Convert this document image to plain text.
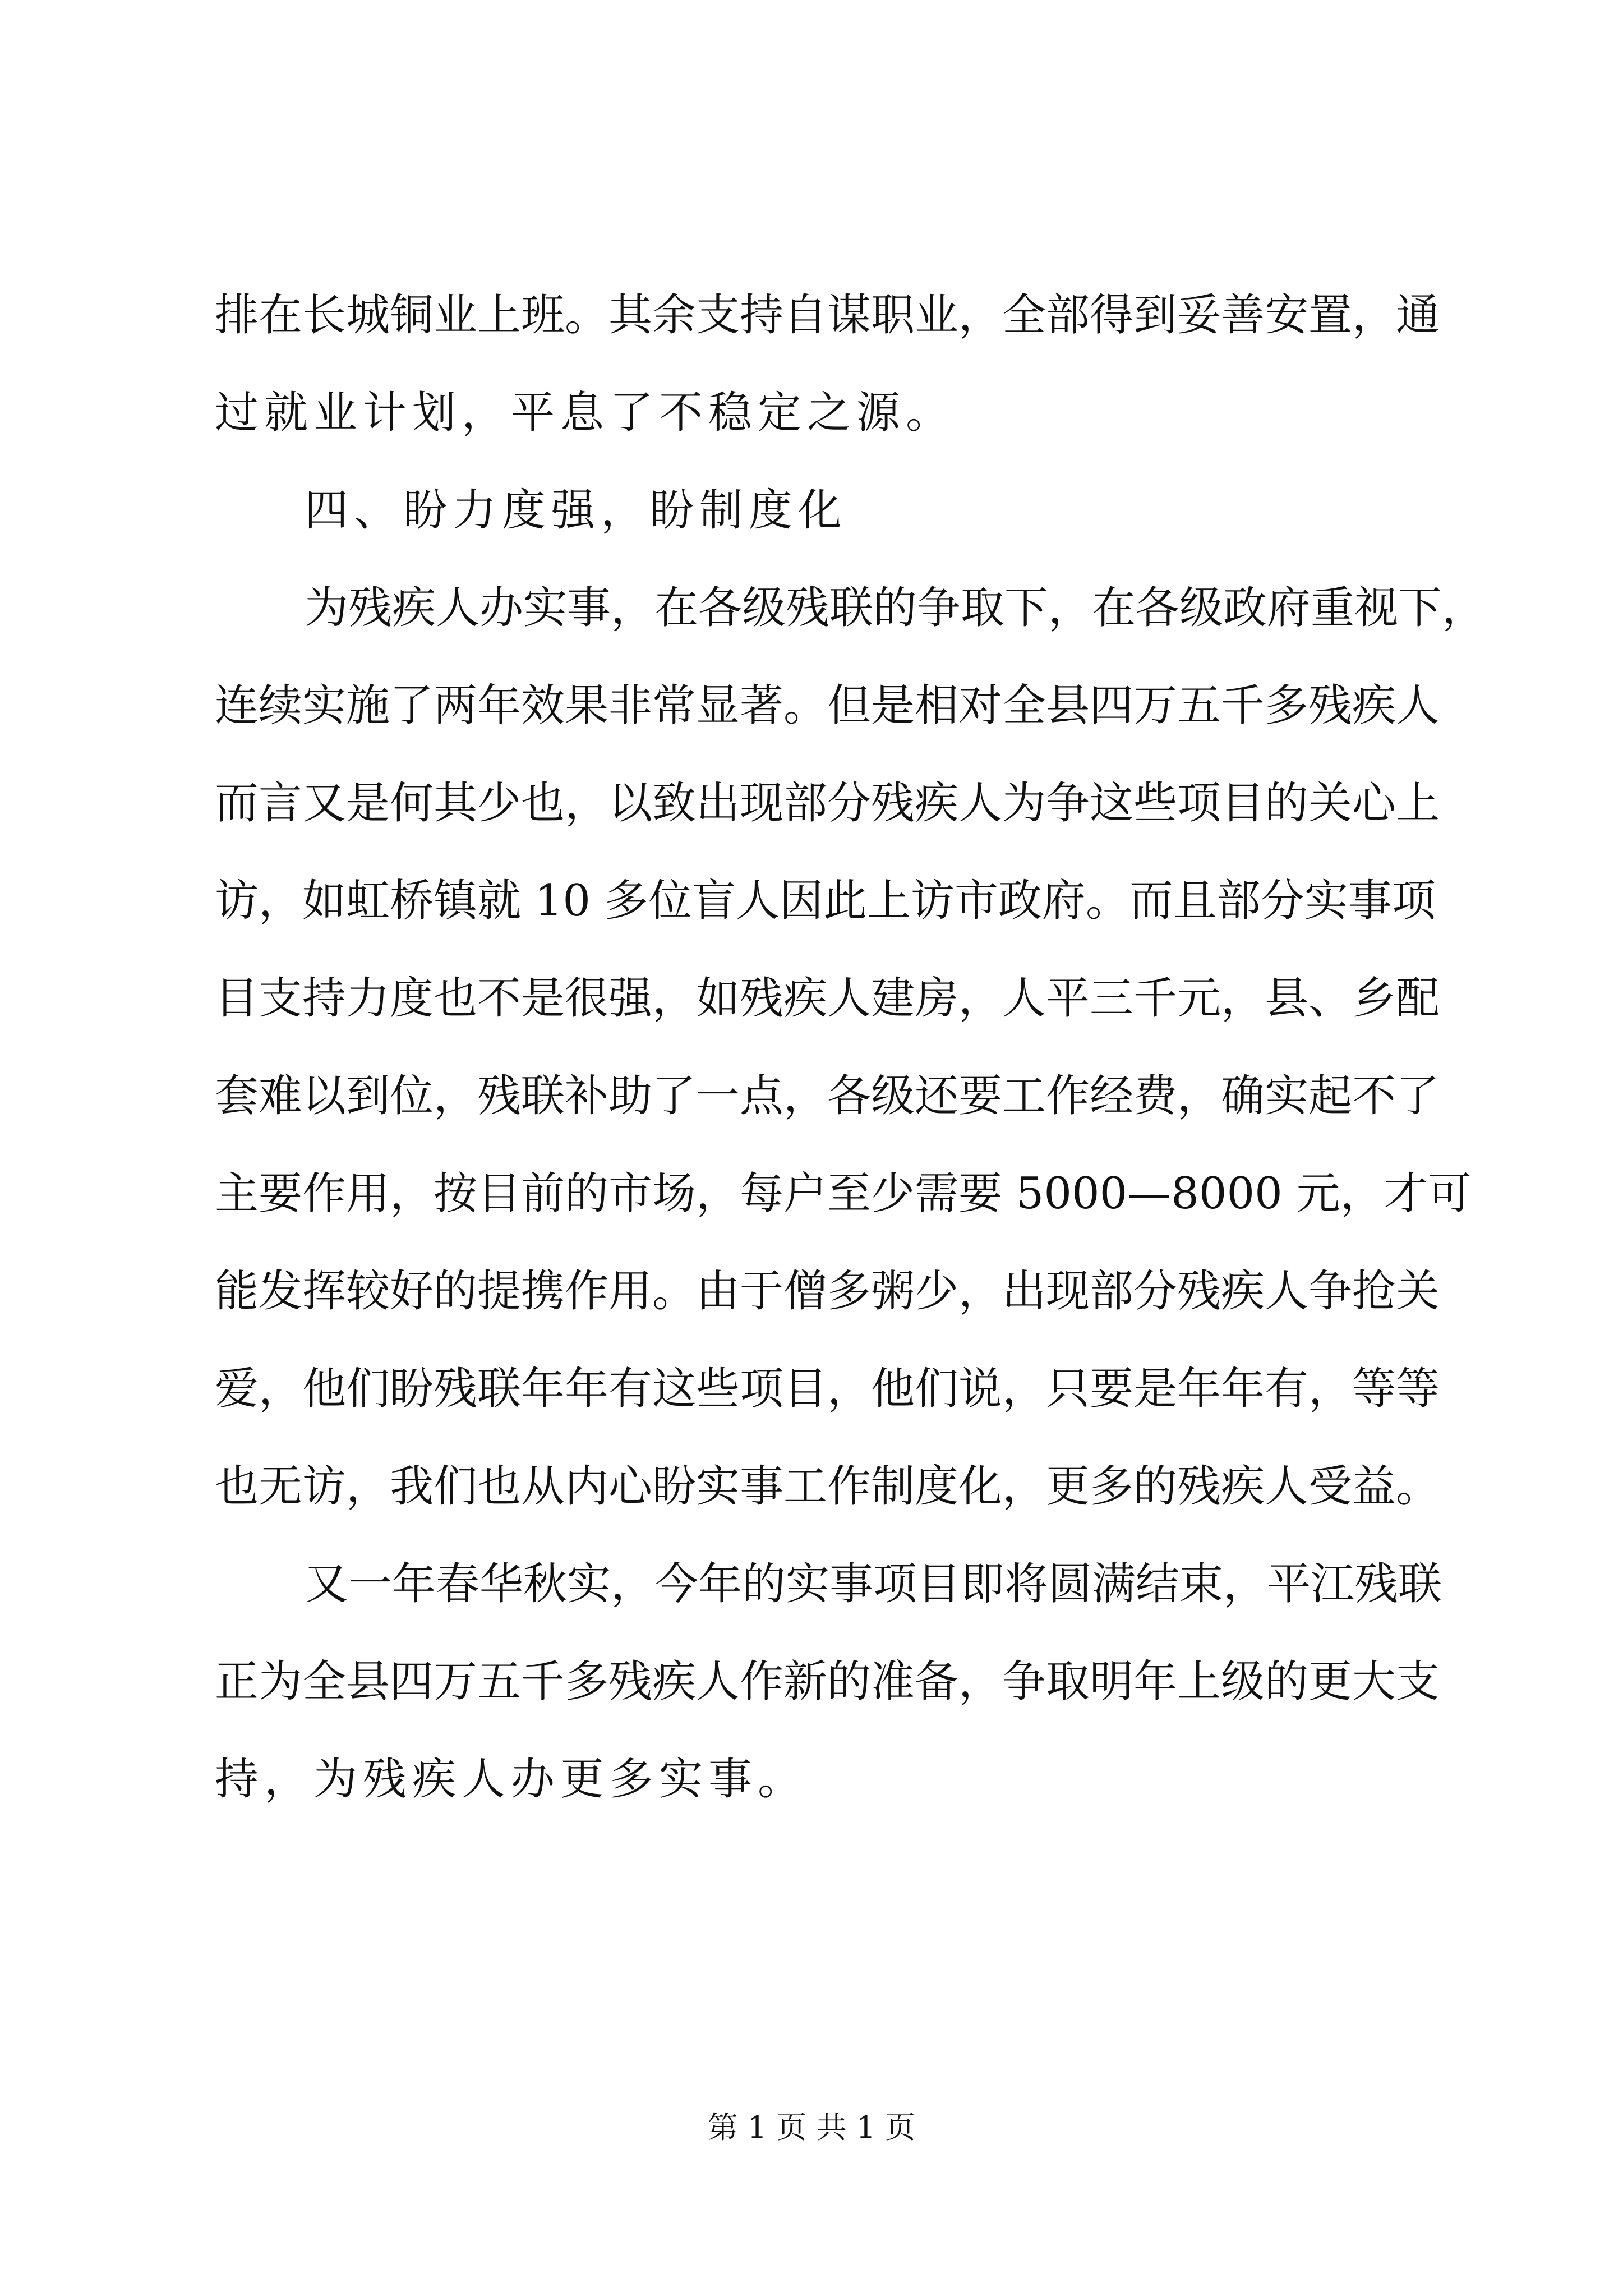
排在长城铜业上班。其余支持自谋职业，全部得到妥善安置，通
过就业计划，平息了不稳定之源。
四、盼力度强，盼制度化
为残疾人办实事，在各级残联的争取下，在各级政府重视下，
连续实施了两年效果非常显著。但是相对全县四万五千多残疾人
而言又是何其少也，以致出现部分残疾人为争这些项目的关心上
访，如虹桥镇就 10 多位盲人因此上访市政府。而且部分实事项
目支持力度也不是很强，如残疾人建房，人平三千元，县、乡配
套难以到位，残联补助了一点，各级还要工作经费，确实起不了
主要作用，按目前的市场，每户至少需要 5000—8000 元，才可
能发挥较好的提携作用。由于僧多粥少，出现部分残疾人争抢关
爱，他们盼残联年年有这些项目，他们说，只要是年年有，等等
也无访，我们也从内心盼实事工作制度化，更多的残疾人受益。
又一年春华秋实，今年的实事项目即将圆满结束，平江残联
正为全县四万五千多残疾人作新的准备，争取明年上级的更大支
持，为残疾人办更多实事。
第 1 页 共 1 页
